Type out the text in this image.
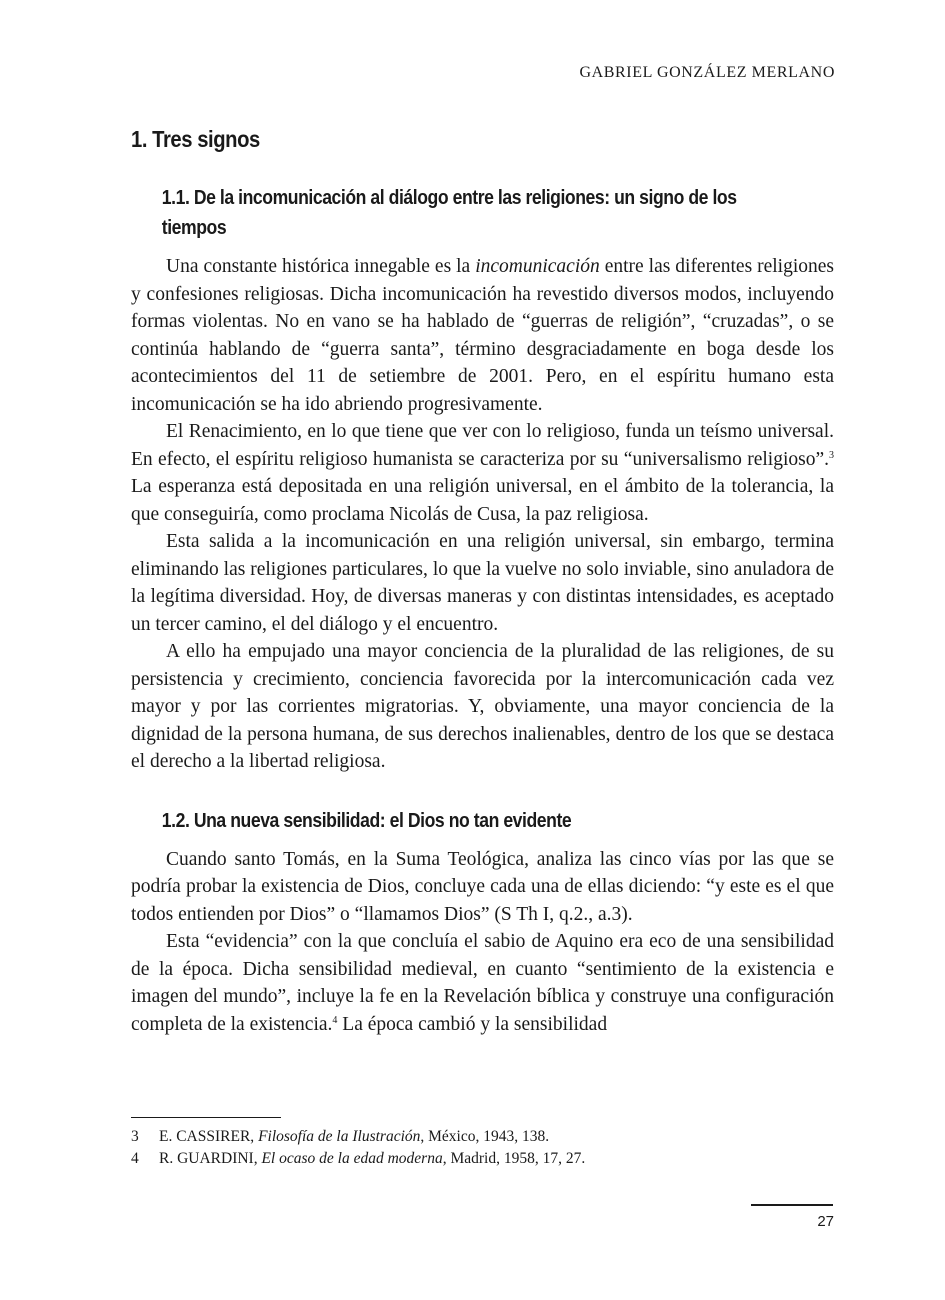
GABRIEL GONZÁLEZ MERLANO
1. Tres signos
1.1. De la incomunicación al diálogo entre las religiones: un signo de los tiempos

Una constante histórica innegable es la incomunicación entre las diferentes religiones y confesiones religiosas. Dicha incomunicación ha revestido diversos modos, incluyendo formas violentas. No en vano se ha hablado de “guerras de religión”, “cruzadas”, o se continúa hablando de “guerra santa”, término desgraciadamente en boga desde los acontecimientos del 11 de setiembre de 2001. Pero, en el espíritu humano esta incomunicación se ha ido abriendo progresivamente.

El Renacimiento, en lo que tiene que ver con lo religioso, funda un teísmo universal. En efecto, el espíritu religioso humanista se caracteriza por su “universalismo religioso”.$^3$ La esperanza está depositada en una religión universal, en el ámbito de la tolerancia, la que conseguiría, como proclama Nicolás de Cusa, la paz religiosa.

Esta salida a la incomunicación en una religión universal, sin embargo, termina eliminando las religiones particulares, lo que la vuelve no solo inviable, sino anuladora de la legítima diversidad. Hoy, de diversas maneras y con distintas intensidades, es aceptado un tercer camino, el del diálogo y el encuentro.

A ello ha empujado una mayor conciencia de la pluralidad de las religiones, de su persistencia y crecimiento, conciencia favorecida por la intercomunicación cada vez mayor y por las corrientes migratorias. Y, obviamente, una mayor conciencia de la dignidad de la persona humana, de sus derechos inalienables, dentro de los que se destaca el derecho a la libertad religiosa.

1.2. Una nueva sensibilidad: el Dios no tan evidente

Cuando santo Tomás, en la Suma Teológica, analiza las cinco vías por las que se podría probar la existencia de Dios, concluye cada una de ellas diciendo: “y este es el que todos entienden por Dios” o “llamamos Dios” (S Th I, q.2., a.3).

Esta “evidencia” con la que concluía el sabio de Aquino era eco de una sensibilidad de la época. Dicha sensibilidad medieval, en cuanto “sentimiento de la existencia e imagen del mundo”, incluye la fe en la Revelación bíblica y construye una configuración completa de la existencia.$^4$ La época cambió y la sensibilidad

3	E. CASSIRER, Filosofía de la Ilustración, México, 1943, 138.
4	R. GUARDINI, El ocaso de la edad moderna, Madrid, 1958, 17, 27.
27
